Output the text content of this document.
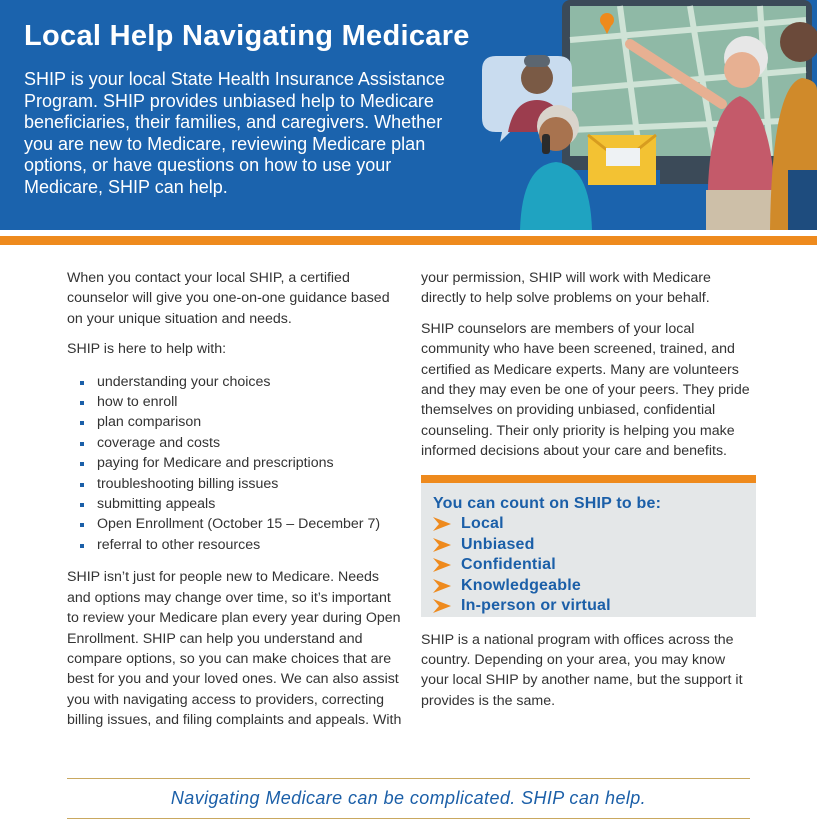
Local Help Navigating Medicare

SHIP is your local State Health Insurance Assistance Program. SHIP provides unbiased help to Medicare beneficiaries, their families, and caregivers. Whether you are new to Medicare, reviewing Medicare plan options, or have questions on how to use your Medicare, SHIP can help.

When you contact your local SHIP, a certified counselor will give you one-on-one guidance based on your unique situation and needs.

SHIP is here to help with:

understanding your choices
how to enroll
plan comparison
coverage and costs
paying for Medicare and prescriptions
troubleshooting billing issues
submitting appeals
Open Enrollment (October 15 – December 7)
referral to other resources

SHIP isn’t just for people new to Medicare. Needs and options may change over time, so it’s important to review your Medicare plan every year during Open Enrollment. SHIP can help you understand and compare options, so you can make choices that are best for you and your loved ones. We can also assist you with navigating access to providers, correcting billing issues, and filing complaints and appeals. With

your permission, SHIP will work with Medicare directly to help solve problems on your behalf.

SHIP counselors are members of your local community who have been screened, trained, and certified as Medicare experts. Many are volunteers and they may even be one of your peers. They pride themselves on providing unbiased, confidential counseling. Their only priority is helping you make informed decisions about your care and benefits.

You can count on SHIP to be:

Local
Unbiased
Confidential
Knowledgeable
In-person or virtual

SHIP is a national program with offices across the country. Depending on your area, you may know your local SHIP by another name, but the support it provides is the same.

Navigating Medicare can be complicated. SHIP can help.
